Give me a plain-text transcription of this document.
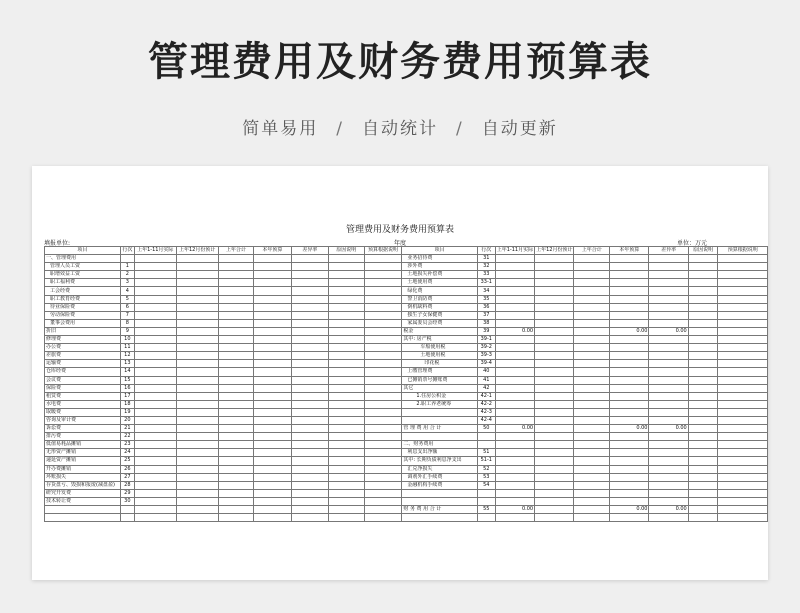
管理费用及财务费用预算表
简单易用 / 自动统计 / 自动更新
管理费用及财务费用预算表
填报单位:	年度	单位：万元
项目	行次	上年1-11月实际	上年12月份预计	上年合计	本年预算	差异率	原因说明	预算根据说明	项目	行次	上年1-11月实际	上年12月份预计	上年合计	本年预算	差异率	原因说明	预算根据说明
一、管理费用									业务招待费	31							
管理人员工资	1								涉外费	32							
职增效益工资	2								土地损失补偿费	33							
职工福利费	3								土地使用费	33-1							
工会经费	4								绿化费	34							
职工教育经费	5								警卫消防费	35							
待业保险费	6								倒机缺料费	36							
劳动保险费	7								独生子女保健费	37							
董事会费用	8								家属委员会经费	38							
折旧	9								税金	39	0.00			0.00	0.00		
修理费	10								其中: 房产税	39-1							
办公费	11								车船使用税	39-2							
差旅费	12								土地使用税	39-3							
运输费	13								印花税	39-4							
仓库经费	14								上缴管理费	40							
会议费	15								已摊销票号摊账费	41							
保险费	16								其它	42							
租赁费	17								1.住房公积金	42-1							
水电费	18								2.职工养老统筹	42-2							
取暖费	19									42-3							
咨询及审计费	20									42-4							
诉讼费	21								管 理 费 用 合 计	50	0.00			0.00	0.00		
排污费	22																
低值易耗品摊销	23								二、财务费用								
无形资产摊销	24								利息支出净额	51							
递延资产摊销	25								其中: 长期负债利息净支出	51-1							
开办费摊销	26								汇兑净损失	52							
坏账损失	27								调剂外汇手续费	53							
存货盘亏、毁损和报废(减盘盈)	28								金融机构手续费	54							
研究开发费	29																
技术转让费	30																
									财 务 费 用 合 计	55	0.00			0.00	0.00		
